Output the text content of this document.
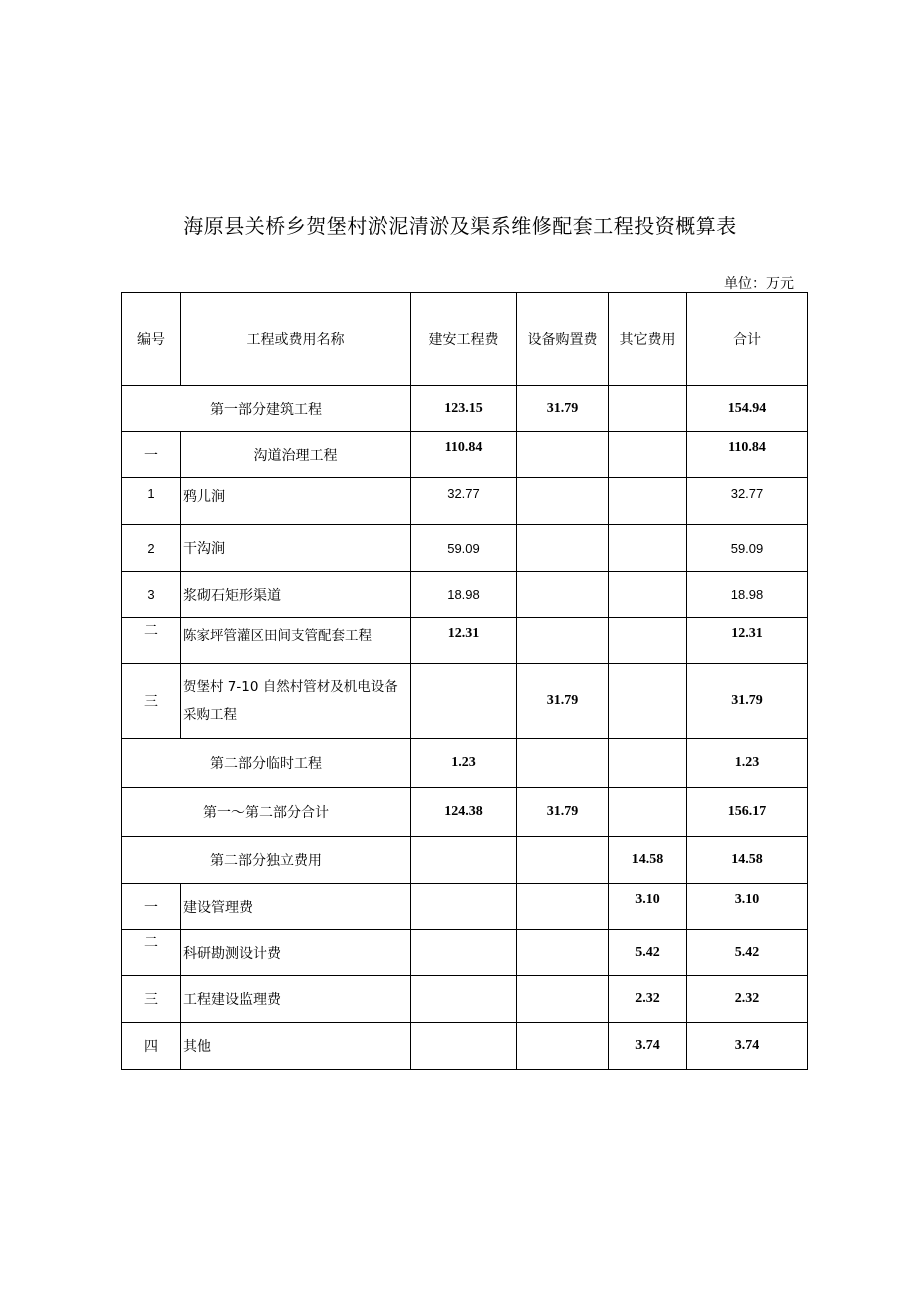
海原县关桥乡贺堡村淤泥清淤及渠系维修配套工程投资概算表
单位：万元
编号	工程或费用名称	建安工程费	设备购置费	其它费用	合计
第一部分建筑工程		123.15	31.79		154.94
一	沟道治理工程	110.84			110.84
1	鸦儿涧	32.77			32.77
2	干沟涧	59.09			59.09
3	浆砌石矩形渠道	18.98			18.98
二	陈家坪管灌区田间支管配套工程	12.31			12.31
三	贺堡村 7-10 自然村管材及机电设备采购工程		31.79		31.79
第二部分临时工程		1.23			1.23
第一～第二部分合计		124.38	31.79		156.17
第二部分独立费用				14.58	14.58
一	建设管理费			3.10	3.10
二	科研勘测设计费			5.42	5.42
三	工程建设监理费			2.32	2.32
四	其他			3.74	3.74
